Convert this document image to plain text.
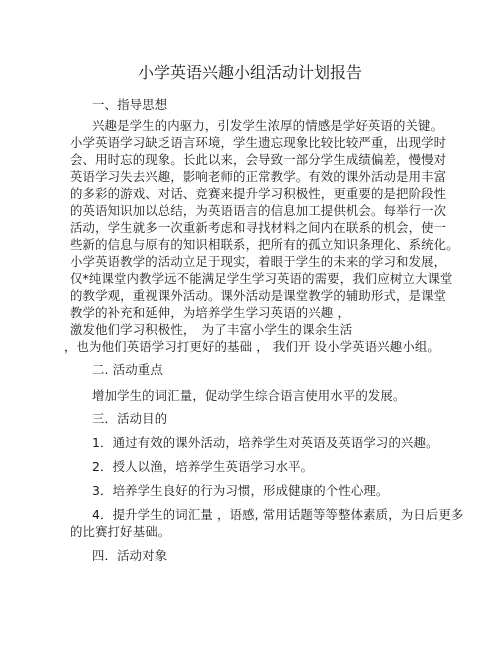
小学英语兴趣小组活动计划报告
一、指导思想
兴趣是学生的内驱力，引发学生浓厚的情感是学好英语的关键。
小学英语学习缺乏语言环境，学生遗忘现象比较比较严重，出现学时
会、用时忘的现象。长此以来，会导致一部分学生成绩偏差，慢慢对
英语学习失去兴趣，影响老师的正常教学。有效的课外活动是用丰富
的多彩的游戏、对话、竞赛来提升学习积极性，更重要的是把阶段性
的英语知识加以总结，为英语语言的信息加工提供机会。每举行一次
活动，学生就多一次重新考虑和寻找材料之间内在联系的机会，使一
些新的信息与原有的知识相联系，把所有的孤立知识条理化、系统化。
小学英语教学的活动立足于现实，着眼于学生的未来的学习和发展，
仅*纯课堂内教学远不能满足学生学习英语的需要，我们应树立大课堂
的教学观，重视课外活动。课外活动是课堂教学的辅助形式，是课堂
教学的补充和延伸，为培养学生学习英语的兴趣 ，
激发他们学习积极性，　为了丰富小学生的课余生活
，也为他们英语学习打更好的基础 ， 我们开 设小学英语兴趣小组。
二. 活动重点
增加学生的词汇量，促动学生综合语言使用水平的发展。
三．活动目的
1．通过有效的课外活动，培养学生对英语及英语学习的兴趣。
2．授人以渔，培养学生英语学习水平。
3．培养学生良好的行为习惯，形成健康的个性心理。
4．提升学生的词汇量 ，语感, 常用话题等等整体素质，为日后更多
的比赛打好基础。
四．活动对象
